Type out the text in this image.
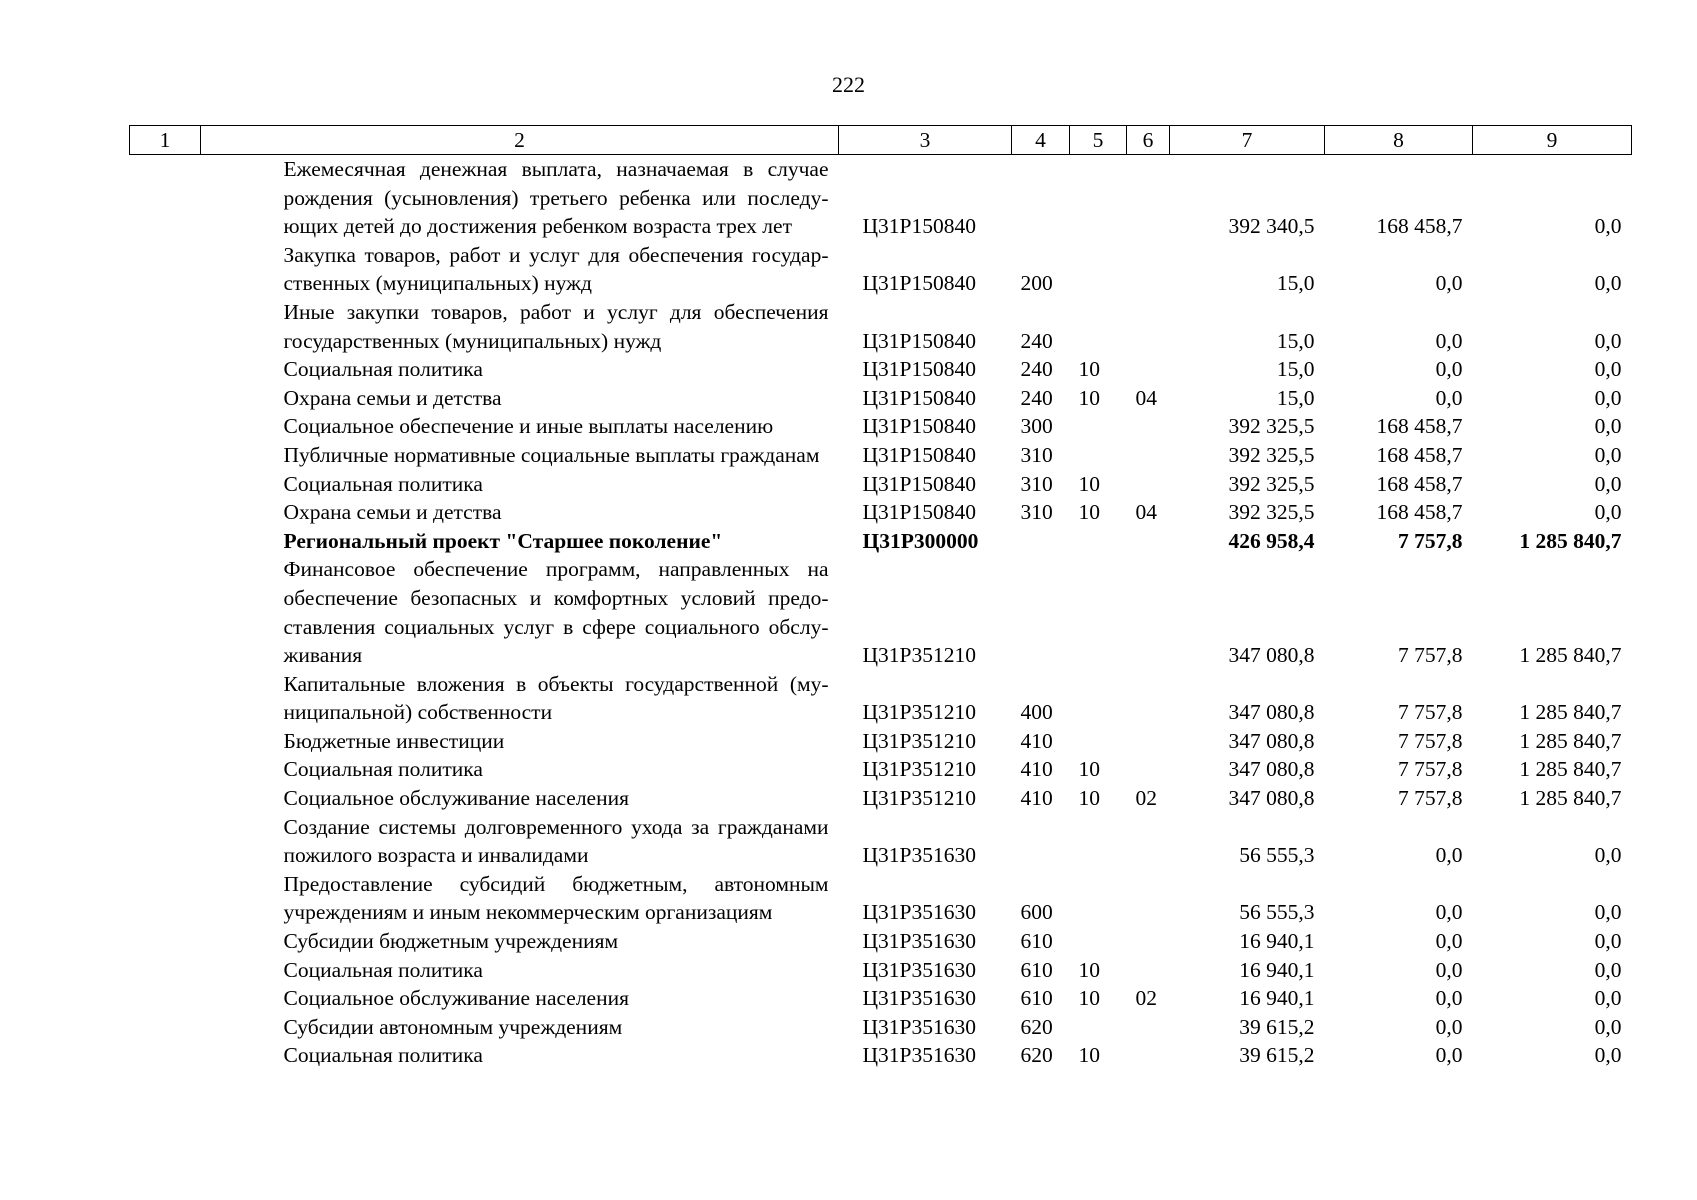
222
1	2	3	4	5	6	7	8	9
	Ежемесячная денежная выплата, назначаемая в случае рождения (усыновления) третьего ребенка или последу-ющих детей до достижения ребенком возраста трех лет	Ц31Р150840				392 340,5	168 458,7	0,0
	Закупка товаров, работ и услуг для обеспечения государ-ственных (муниципальных) нужд	Ц31Р150840	200			15,0	0,0	0,0
	Иные закупки товаров, работ и услуг для обеспечения государственных (муниципальных) нужд	Ц31Р150840	240			15,0	0,0	0,0
	Социальная политика	Ц31Р150840	240	10		15,0	0,0	0,0
	Охрана семьи и детства	Ц31Р150840	240	10	04	15,0	0,0	0,0
	Социальное обеспечение и иные выплаты населению	Ц31Р150840	300			392 325,5	168 458,7	0,0
	Публичные нормативные социальные выплаты гражданам	Ц31Р150840	310			392 325,5	168 458,7	0,0
	Социальная политика	Ц31Р150840	310	10		392 325,5	168 458,7	0,0
	Охрана семьи и детства	Ц31Р150840	310	10	04	392 325,5	168 458,7	0,0
	Региональный проект "Старшее поколение"	Ц31Р300000				426 958,4	7 757,8	1 285 840,7
	Финансовое обеспечение программ, направленных на обеспечение безопасных и комфортных условий предо-ставления социальных услуг в сфере социального обслу-живания	Ц31Р351210				347 080,8	7 757,8	1 285 840,7
	Капитальные вложения в объекты государственной (му-ниципальной) собственности	Ц31Р351210	400			347 080,8	7 757,8	1 285 840,7
	Бюджетные инвестиции	Ц31Р351210	410			347 080,8	7 757,8	1 285 840,7
	Социальная политика	Ц31Р351210	410	10		347 080,8	7 757,8	1 285 840,7
	Социальное обслуживание населения	Ц31Р351210	410	10	02	347 080,8	7 757,8	1 285 840,7
	Создание системы долговременного ухода за гражданами пожилого возраста и инвалидами	Ц31Р351630				56 555,3	0,0	0,0
	Предоставление субсидий бюджетным, автономным учреждениям и иным некоммерческим организациям	Ц31Р351630	600			56 555,3	0,0	0,0
	Субсидии бюджетным учреждениям	Ц31Р351630	610			16 940,1	0,0	0,0
	Социальная политика	Ц31Р351630	610	10		16 940,1	0,0	0,0
	Социальное обслуживание населения	Ц31Р351630	610	10	02	16 940,1	0,0	0,0
	Субсидии автономным учреждениям	Ц31Р351630	620			39 615,2	0,0	0,0
	Социальная политика	Ц31Р351630	620	10		39 615,2	0,0	0,0
